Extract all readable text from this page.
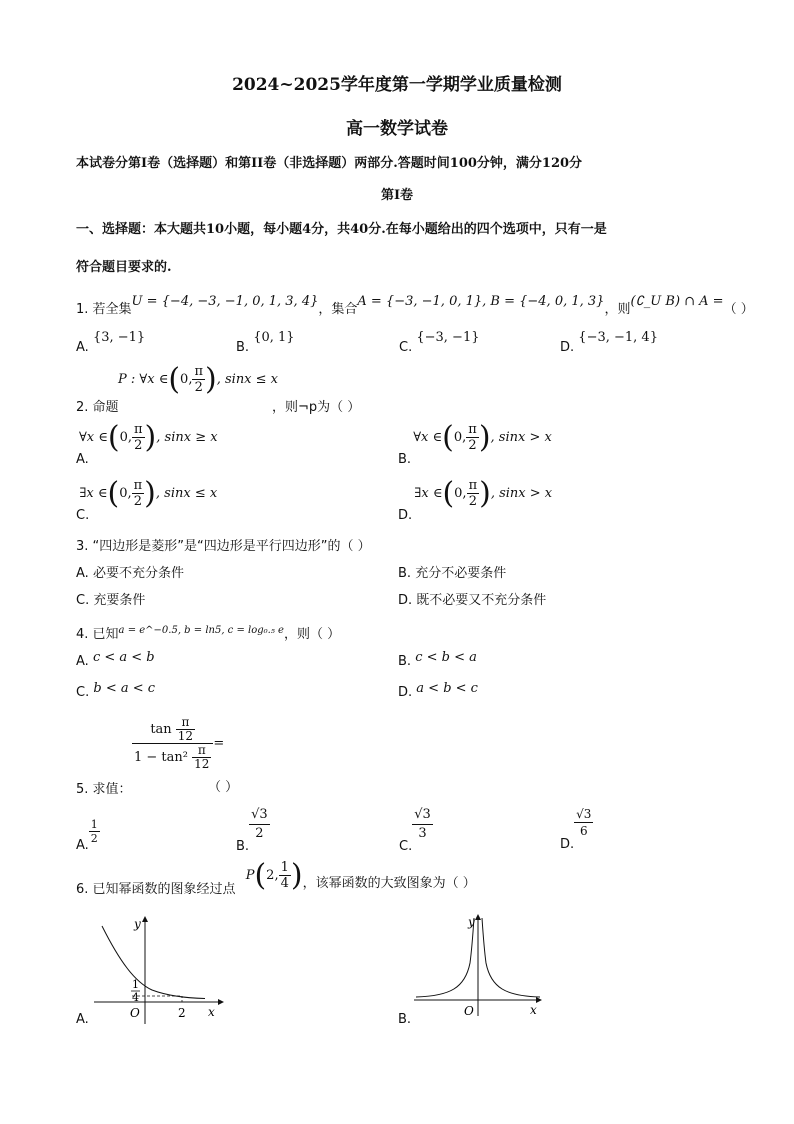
2024~2025学年度第一学期学业质量检测
高一数学试卷
本试卷分第I卷（选择题）和第II卷（非选择题）两部分.答题时间100分钟，满分120分
第I卷
一、选择题：本大题共10小题，每小题4分，共40分.在每小题给出的四个选项中，只有一是
符合题目要求的.
1. 若全集U = {−4, −3, −1, 0, 1, 3, 4}，集合A = {−3, −1, 0, 1}, B = {−4, 0, 1, 3}，则(∁_U B) ∩ A =（ ）
A. {3, −1}
B. {0, 1}
C. {−3, −1}
D. {−3, −1, 4}
P : ∀x ∈(0, $\frac{\pi}{2}$ ), sinx ≤ x
2. 命题	，则¬p为（ ）
A. ∀x ∈(0, $\frac{\pi}{2}$ ), sinx ≥ x
B. ∀x ∈(0, $\frac{\pi}{2}$ ), sinx > x
C. ∃x ∈(0, $\frac{\pi}{2}$ ), sinx ≤ x
D. ∃x ∈(0, $\frac{\pi}{2}$ ), sinx > x
3. “四边形是菱形”是“四边形是平行四边形”的（ ）
A. 必要不充分条件	B. 充分不必要条件
C. 充要条件	D. 既不必要又不充分条件
4. 已知a = e^−0.5, b = ln5, c = log₀.₅ e，则（ ）
A. c < a < b	B. c < b < a
C. b < a < c	D. a < b < c
$\frac{\tan \frac{\pi}{12}}{1 - \tan^2 \frac{\pi}{12}}$ =
5. 求值：	（ ）
A.
$\frac{1}{2}$
B.
$\frac{√3}{2}$
C.
$\frac{√3}{3}$
D.
$\frac{√3}{6}$
6. 已知幂函数的图象经过点 P(2, $\frac{1}{4}$ )，该幂函数的大致图象为（ ）
A.
y
x
O	2
1
4
B.
y
x
O
